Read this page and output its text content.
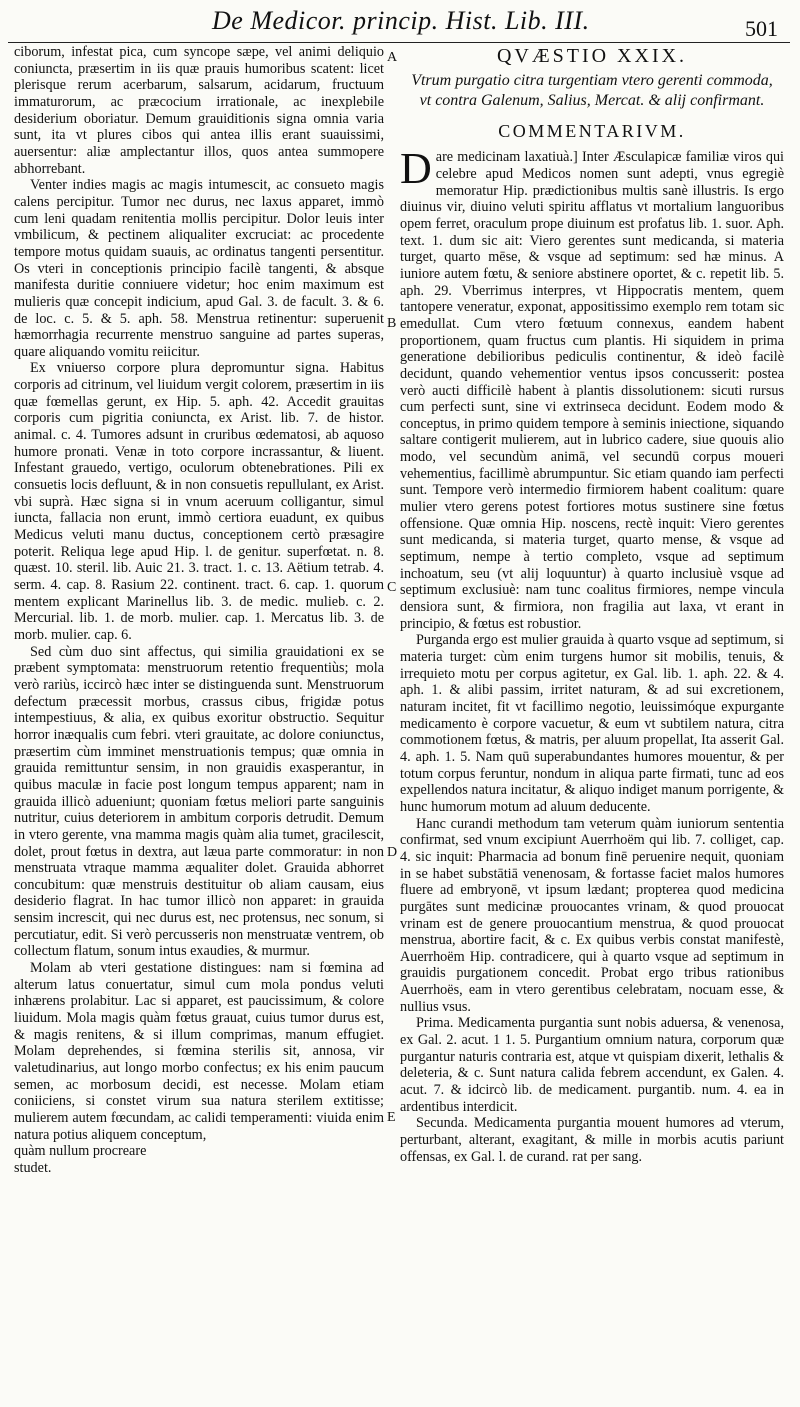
De Medicor. princip. Hist. Lib. III.	501

ciborum, infestat pica, cum syncope sæpe, vel animi deliquio coniuncta, præsertim in iis quæ prauis humoribus scatent: licet plerisque rerum acerbarum, salsarum, acidarum, fructuum immaturorum, ac præcocium irrationale, ac inexplebile desiderium oboriatur. Demum grauiditionis signa omnia varia sunt, ita vt plures cibos qui antea illis erant suauissimi, auersentur: aliæ amplectantur illos, quos antea summopere abhorrebant.

Venter indies magis ac magis intumescit, ac consueto magis calens percipitur. Tumor nec durus, nec laxus apparet, immò cum leni quadam renitentia mollis percipitur. Dolor leuis inter vmbilicum, & pectinem aliqualiter excruciat: ac procedente tempore motus quidam suauis, ac ordinatus tangenti persentitur. Os vteri in conceptionis principio facilè tangenti, & absque manifesta duritie conniuere videtur; hoc enim maximum est mulieris quæ concepit indicium, apud Gal. 3. de facult. 3. & 6. de loc. c. 5. & 5. aph. 58. Menstrua retinentur: superuenit hæmorrhagia recurrente menstruo sanguine ad partes superas, quare aliquando vomitu reiicitur.

Ex vniuerso corpore plura depromuntur signa. Habitus corporis ad citrinum, vel liuidum vergit colorem, præsertim in iis quæ fœmellas gerunt, ex Hip. 5. aph. 42. Accedit grauitas corporis cum pigritia coniuncta, ex Arist. lib. 7. de histor. animal. c. 4. Tumores adsunt in cruribus œdematosi, ab aquoso humore pronati. Venæ in toto corpore incrassantur, & liuent. Infestant grauedo, vertigo, oculorum obtenebrationes. Pili ex consuetis locis defluunt, & in non consuetis repullulant, ex Arist. vbi suprà. Hæc signa si in vnum aceruum colligantur, simul iuncta, fallacia non erunt, immò certiora euadunt, ex quibus Medicus veluti manu ductus, conceptionem certò præsagire poterit. Reliqua lege apud Hip. l. de genitur. superfœtat. n. 8. quæst. 10. steril. lib. Auic 21. 3. tract. 1. c. 13. Aëtium tetrab. 4. serm. 4. cap. 8. Rasium 22. continent. tract. 6. cap. 1. quorum mentem explicant Marinellus lib. 3. de medic. mulieb. c. 2. Mercurial. lib. 1. de morb. mulier. cap. 1. Mercatus lib. 3. de morb. mulier. cap. 6.

Sed cùm duo sint affectus, qui similia grauidationi ex se præbent symptomata: menstruorum retentio frequentiùs; mola verò rariùs, iccircò hæc inter se distinguenda sunt. Menstruorum defectum præcessit morbus, crassus cibus, frigidæ potus intempestiuus, & alia, ex quibus exoritur obstructio. Sequitur horror inæqualis cum febri. vteri grauitate, ac dolore coniunctus, præsertim cùm imminet menstruationis tempus; quæ omnia in grauida remittuntur sensim, in non grauidis exasperantur, in quibus maculæ in facie post longum tempus apparent; nam in grauida illicò adueniunt; quoniam fœtus meliori parte sanguinis nutritur, cuius deteriorem in ambitum corporis detrudit. Demum in vtero gerente, vna mamma magis quàm alia tumet, gracilescit, dolet, prout fœtus in dextra, aut læua parte commoratur: in non menstruata vtraque mamma æqualiter dolet. Grauida abhorret concubitum: quæ menstruis destituitur ob aliam causam, eius desiderio flagrat. In hac tumor illicò non apparet: in grauida sensim increscit, qui nec durus est, nec protensus, nec sonum, si percutiatur, edit. Si verò percusseris non menstruatæ ventrem, ob collectum flatum, sonum intus exaudies, & murmur.

Molam ab vteri gestatione distingues: nam si fœmina ad alterum latus conuertatur, simul cum mola pondus veluti inhærens prolabitur. Lac si apparet, est paucissimum, & colore liuidum. Mola magis quàm fœtus grauat, cuius tumor durus est, & magis renitens, & si illum comprimas, manum effugiet. Molam deprehendes, si fœmina sterilis sit, annosa, vir valetudinarius, aut longo morbo confectus; ex his enim paucum semen, ac morbosum decidi, est necesse. Molam etiam coniiciens, si constet virum sua natura sterilem extitisse; mulierem autem fœcundam, ac calidi temperamenti: viuida enim natura potius aliquem conceptum,

quàm nullum procreare

studet.

A
B
C
D
E
QVÆSTIO XXIX.
Vtrum purgatio citra turgentiam vtero gerenti commoda, vt contra Galenum, Salius, Mercat. & alij confirmant.
COMMENTARIVM.

Dare medicinam laxatiuà.] Inter Æsculapicæ familiæ viros qui celebre apud Medicos nomen sunt adepti, vnus egregiè memoratur Hip. prædictionibus multis sanè illustris. Is ergo diuinus vir, diuino veluti spiritu afflatus vt mortalium languoribus opem ferret, oraculum prope diuinum est profatus lib. 1. suor. Aph. text. 1. dum sic ait: Viero gerentes sunt medicanda, si materia turget, quarto mēse, & vsque ad septimum: sed hæ minus. A iuniore autem fœtu, & seniore abstinere oportet, & c. repetit lib. 5. aph. 29. Vberrimus interpres, vt Hippocratis mentem, quem tantopere veneratur, exponat, appositissimo exemplo rem totam sic emedullat. Cum vtero fœtuum connexus, eandem habent proportionem, quam fructus cum plantis. Hi siquidem in prima generatione debilioribus pediculis continentur, & ideò facilè decidunt, quando vehementior ventus ipsos concusserit: postea verò aucti difficilè habent à plantis dissolutionem: sicuti rursus cum perfecti sunt, sine vi extrinseca decidunt. Eodem modo & conceptus, in primo quidem tempore à seminis iniectione, siquando saltare contigerit mulierem, aut in lubrico cadere, siue quouis alio modo, vel secundùm animā, vel secundū corpus moueri vehementius, facillimè abrumpuntur. Sic etiam quando iam perfecti sunt. Tempore verò intermedio firmiorem habent coalitum: quare mulier vtero gerens potest fortiores motus sustinere sine fœtus offensione. Quæ omnia Hip. noscens, rectè inquit: Viero gerentes sunt medicanda, si materia turget, quarto mense, & vsque ad septimum, nempe à tertio completo, vsque ad septimum inchoatum, seu (vt alij loquuntur) à quarto inclusiuè vsque ad septimum exclusiuè: nam tunc coalitus firmiores, nempe vincula densiora sunt, & firmiora, non fragilia aut laxa, vt erant in principio, & fœtus est robustior.

Purganda ergo est mulier grauida à quarto vsque ad septimum, si materia turget: cùm enim turgens humor sit mobilis, tenuis, & irrequieto motu per corpus agitetur, ex Gal. lib. 1. aph. 22. & 4. aph. 1. & alibi passim, irritet naturam, & ad sui excretionem, naturam incitet, fit vt facillimo negotio, leuissimóque expurgante medicamento è corpore vacuetur, & eum vt subtilem natura, citra commotionem fœtus, & matris, per aluum propellat, Ita asserit Gal. 4. aph. 1. 5. Nam quū superabundantes humores mouentur, & per totum corpus feruntur, nondum in aliqua parte firmati, tunc ad eos expellendos natura incitatur, & aliquo indiget manum porrigente, & hunc humorum motum ad aluum deducente.

Hanc curandi methodum tam veterum quàm iuniorum sententia confirmat, sed vnum excipiunt Auerrhoëm qui lib. 7. colliget, cap. 4. sic inquit: Pharmacia ad bonum finē peruenire nequit, quoniam in se habet substātiā venenosam, & fortasse faciet malos humores fluere ad embryonē, vt ipsum lædant; propterea quod medicina purgātes sunt medicinæ prouocantes vrinam, & quod prouocat vrinam est de genere prouocantium menstrua, & quod prouocat menstrua, abortire facit, & c. Ex quibus verbis constat manifestè, Auerrhoëm Hip. contradicere, qui à quarto vsque ad septimum in grauidis purgationem concedit. Probat ergo tribus rationibus Auerrhoës, eam in vtero gerentibus celebratam, nocuam esse, & nullius vsus.

Prima. Medicamenta purgantia sunt nobis aduersa, & venenosa, ex Gal. 2. acut. 1 1. 5. Purgantium omnium natura, corporum quæ purgantur naturis contraria est, atque vt quispiam dixerit, lethalis & deleteria, & c. Sunt natura calida febrem accendunt, ex Galen. 4. acut. 7. & idcircò lib. de medicament. purgantib. num. 4. ea in ardentibus interdicit.

Secunda. Medicamenta purgantia mouent humores ad vterum, perturbant, alterant, exagitant, & mille in morbis acutis pariunt offensas, ex Gal. l. de curand. rat per sang.
